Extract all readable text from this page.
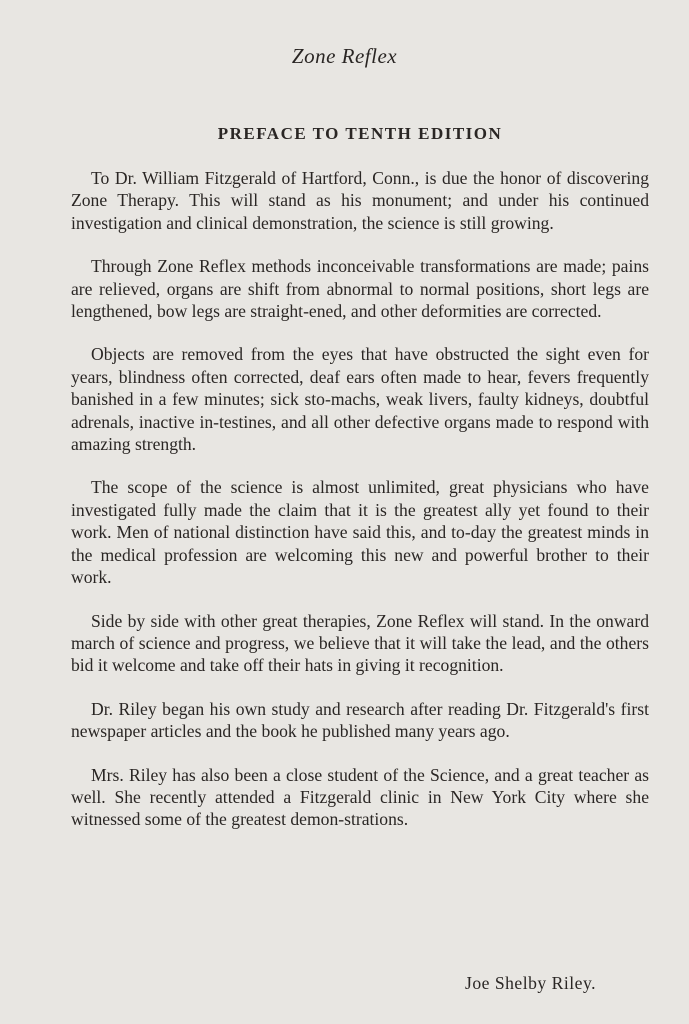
Zone Reflex
PREFACE TO TENTH EDITION

To Dr. William Fitzgerald of Hartford, Conn., is due the honor of discovering Zone Therapy. This will stand as his monument; and under his continued investigation and clinical demonstration, the science is still growing.

Through Zone Reflex methods inconceivable transformations are made; pains are relieved, organs are shift from abnormal to normal positions, short legs are lengthened, bow legs are straight-ened, and other deformities are corrected.

Objects are removed from the eyes that have obstructed the sight even for years, blindness often corrected, deaf ears often made to hear, fevers frequently banished in a few minutes; sick sto-machs, weak livers, faulty kidneys, doubtful adrenals, inactive in-testines, and all other defective organs made to respond with amazing strength.

The scope of the science is almost unlimited, great physicians who have investigated fully made the claim that it is the greatest ally yet found to their work. Men of national distinction have said this, and to-day the greatest minds in the medical profession are welcoming this new and powerful brother to their work.

Side by side with other great therapies, Zone Reflex will stand. In the onward march of science and progress, we believe that it will take the lead, and the others bid it welcome and take off their hats in giving it recognition.

Dr. Riley began his own study and research after reading Dr. Fitzgerald's first newspaper articles and the book he published many years ago.

Mrs. Riley has also been a close student of the Science, and a great teacher as well. She recently attended a Fitzgerald clinic in New York City where she witnessed some of the greatest demon-strations.

Joe Shelby Riley.
